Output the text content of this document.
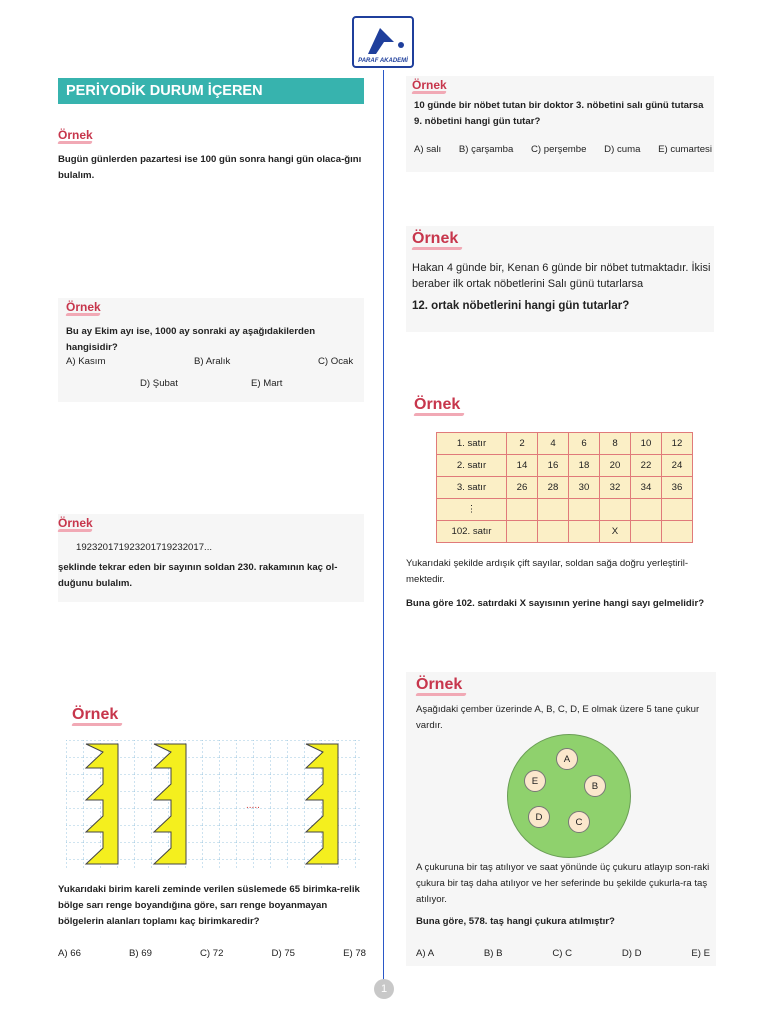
PARAF AKADEMİ
PERİYODİK DURUM İÇEREN PROBLEMLER
Örnek
Bugün günlerden pazartesi ise 100 gün sonra hangi gün olaca-ğını bulalım.
Örnek
Bu ay Ekim ayı ise, 1000 ay sonraki ay aşağıdakilerden hangisidir?
A) Kasım	B) Aralık	C) Ocak
D) Şubat	E) Mart
Örnek
19232017192320171923​2017...
şeklinde tekrar eden bir sayının soldan 230. rakamının kaç ol-duğunu bulalım.
Örnek
.....
Yukarıdaki birim kareli zeminde verilen süslemede 65 birimka-relik bölge sarı renge boyandığına göre, sarı renge boyanmayan bölgelerin alanları toplamı kaç birimkaredir?
A) 66	B) 69	C) 72	D) 75	E) 78
Örnek
10 günde bir nöbet tutan bir doktor 3. nöbetini salı günü tutarsa 9. nöbetini hangi gün tutar?
A) salı B) çarşamba C) perşembe D) cuma E) cumartesi
Örnek
Hakan 4 günde bir, Kenan 6 günde bir nöbet tutmaktadır. İkisi beraber ilk ortak nöbetlerini Salı günü tutarlarsa
12. ortak nöbetlerini hangi gün tutarlar?
Örnek
1. satır	2	4	6	8	10	12
2. satır	14	16	18	20	22	24
3. satır	26	28	30	32	34	36
⋮						
102. satır				X		
Yukarıdaki şekilde ardışık çift sayılar, soldan sağa doğru yerleştiril-mektedir.
Buna göre 102. satırdaki X sayısının yerine hangi sayı gelmelidir?
Örnek
Aşağıdaki çember üzerinde A, B, C, D, E olmak üzere 5 tane çukur vardır.
A
B
C
D
E
A çukuruna bir taş atılıyor ve saat yönünde üç çukuru atlayıp son-raki çukura bir taş daha atılıyor ve her seferinde bu şekilde çukurla-ra taş atılıyor.
Buna göre, 578. taş hangi çukura atılmıştır?
A) A	B) B	C) C	D) D	E) E
1
